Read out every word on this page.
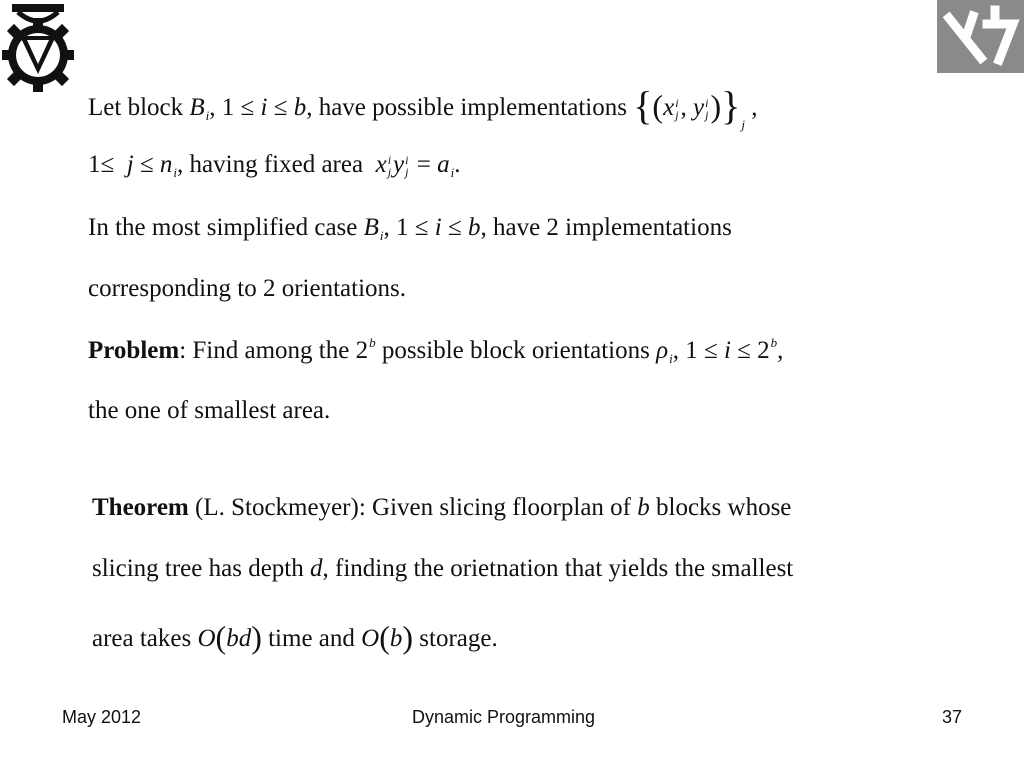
Let block $B_i$, 1 ≤ i ≤ b, have possible implementations {(x i
j , y i
j )}$_j$ ,
$1\le j \le n_i$, having fixed area x i
j y i
$j = a_i$.
In the most simplified case $B_i$, 1 ≤ i ≤ b, have 2 implementations
corresponding to 2 orientations.
Problem: Find among the 2$^b$ possible block orientations $\rho_i$, $1 \le i \le 2^b$,
the one of smallest area.
Theorem (L. Stockmeyer): Given slicing floorplan of b blocks whose
slicing tree has depth d, finding the orietnation that yields the smallest
area takes O(bd) time and O(b) storage.
May 2012	Dynamic Programming	37
